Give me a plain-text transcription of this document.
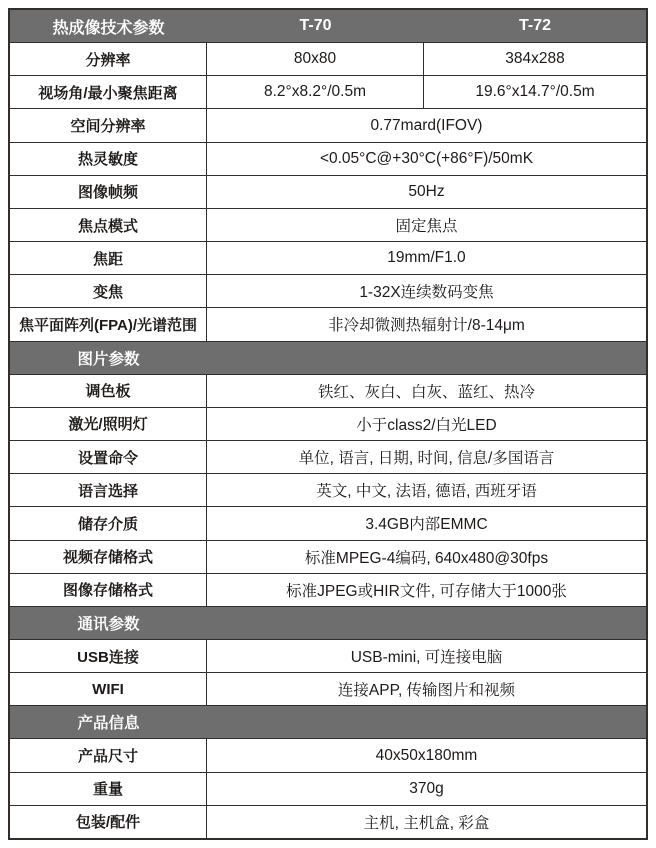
热成像技术参数	T-70	T-72
分辨率	80x80	384x288
视场角/最小聚焦距离	8.2°x8.2°/0.5m	19.6°x14.7°/0.5m
空间分辨率	0.77mard(IFOV)
热灵敏度	<0.05°C@+30°C(+86°F)/50mK
图像帧频	50Hz
焦点模式	固定焦点
焦距	19mm/F1.0
变焦	1-32X连续数码变焦
焦平面阵列(FPA)/光谱范围	非冷却微测热辐射计/8-14μm
图片参数
调色板	铁红、灰白、白灰、蓝红、热冷
激光/照明灯	小于class2/白光LED
设置命令	单位, 语言, 日期, 时间, 信息/多国语言
语言选择	英文, 中文, 法语, 德语, 西班牙语
储存介质	3.4GB内部EMMC
视频存储格式	标准MPEG-4编码, 640x480@30fps
图像存储格式	标准JPEG或HIR文件, 可存储大于1000张
通讯参数
USB连接	USB-mini, 可连接电脑
WIFI	连接APP, 传输图片和视频
产品信息
产品尺寸	40x50x180mm
重量	370g
包装/配件	主机, 主机盒, 彩盒
